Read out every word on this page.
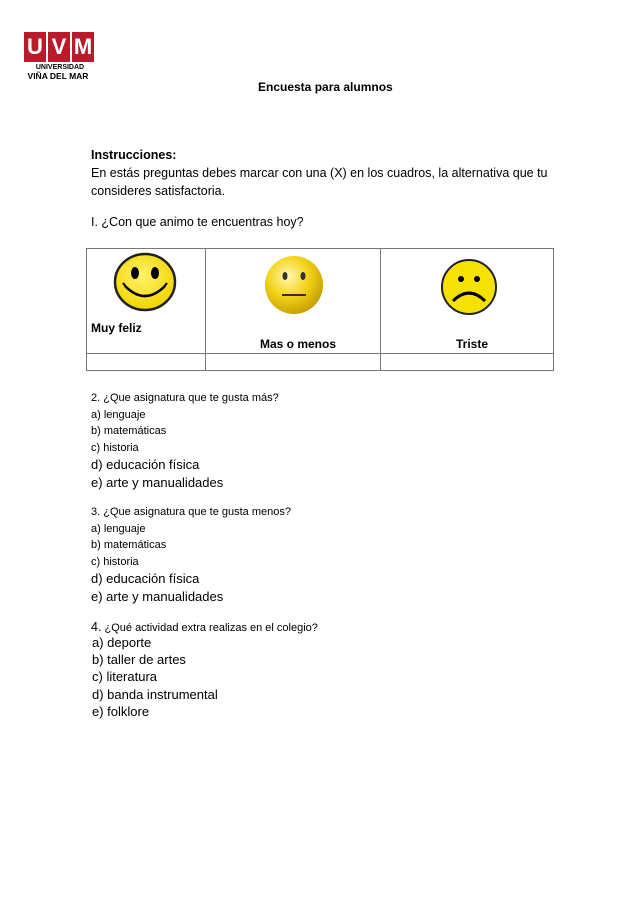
U V M
UNIVERSIDAD
VIÑA DEL MAR
Encuesta para alumnos
Instrucciones:
En estás preguntas debes marcar con una (X) en los cuadros, la alternativa que tu consideres satisfactoria.
I. ¿Con que animo te encuentras hoy?
Muy feliz	Mas o menos	Triste

2. ¿Que asignatura que te gusta más?
a) lenguaje
b) matemáticas
c) historia
d) educación física
e) arte y manualidades
3. ¿Que asignatura que te gusta menos?
a) lenguaje
b) matemáticas
c) historia
d) educación física
e) arte y manualidades
4. ¿Qué actividad extra realizas en el colegio?
a) deporte
b) taller de artes
c) literatura
d) banda instrumental
e) folklore
